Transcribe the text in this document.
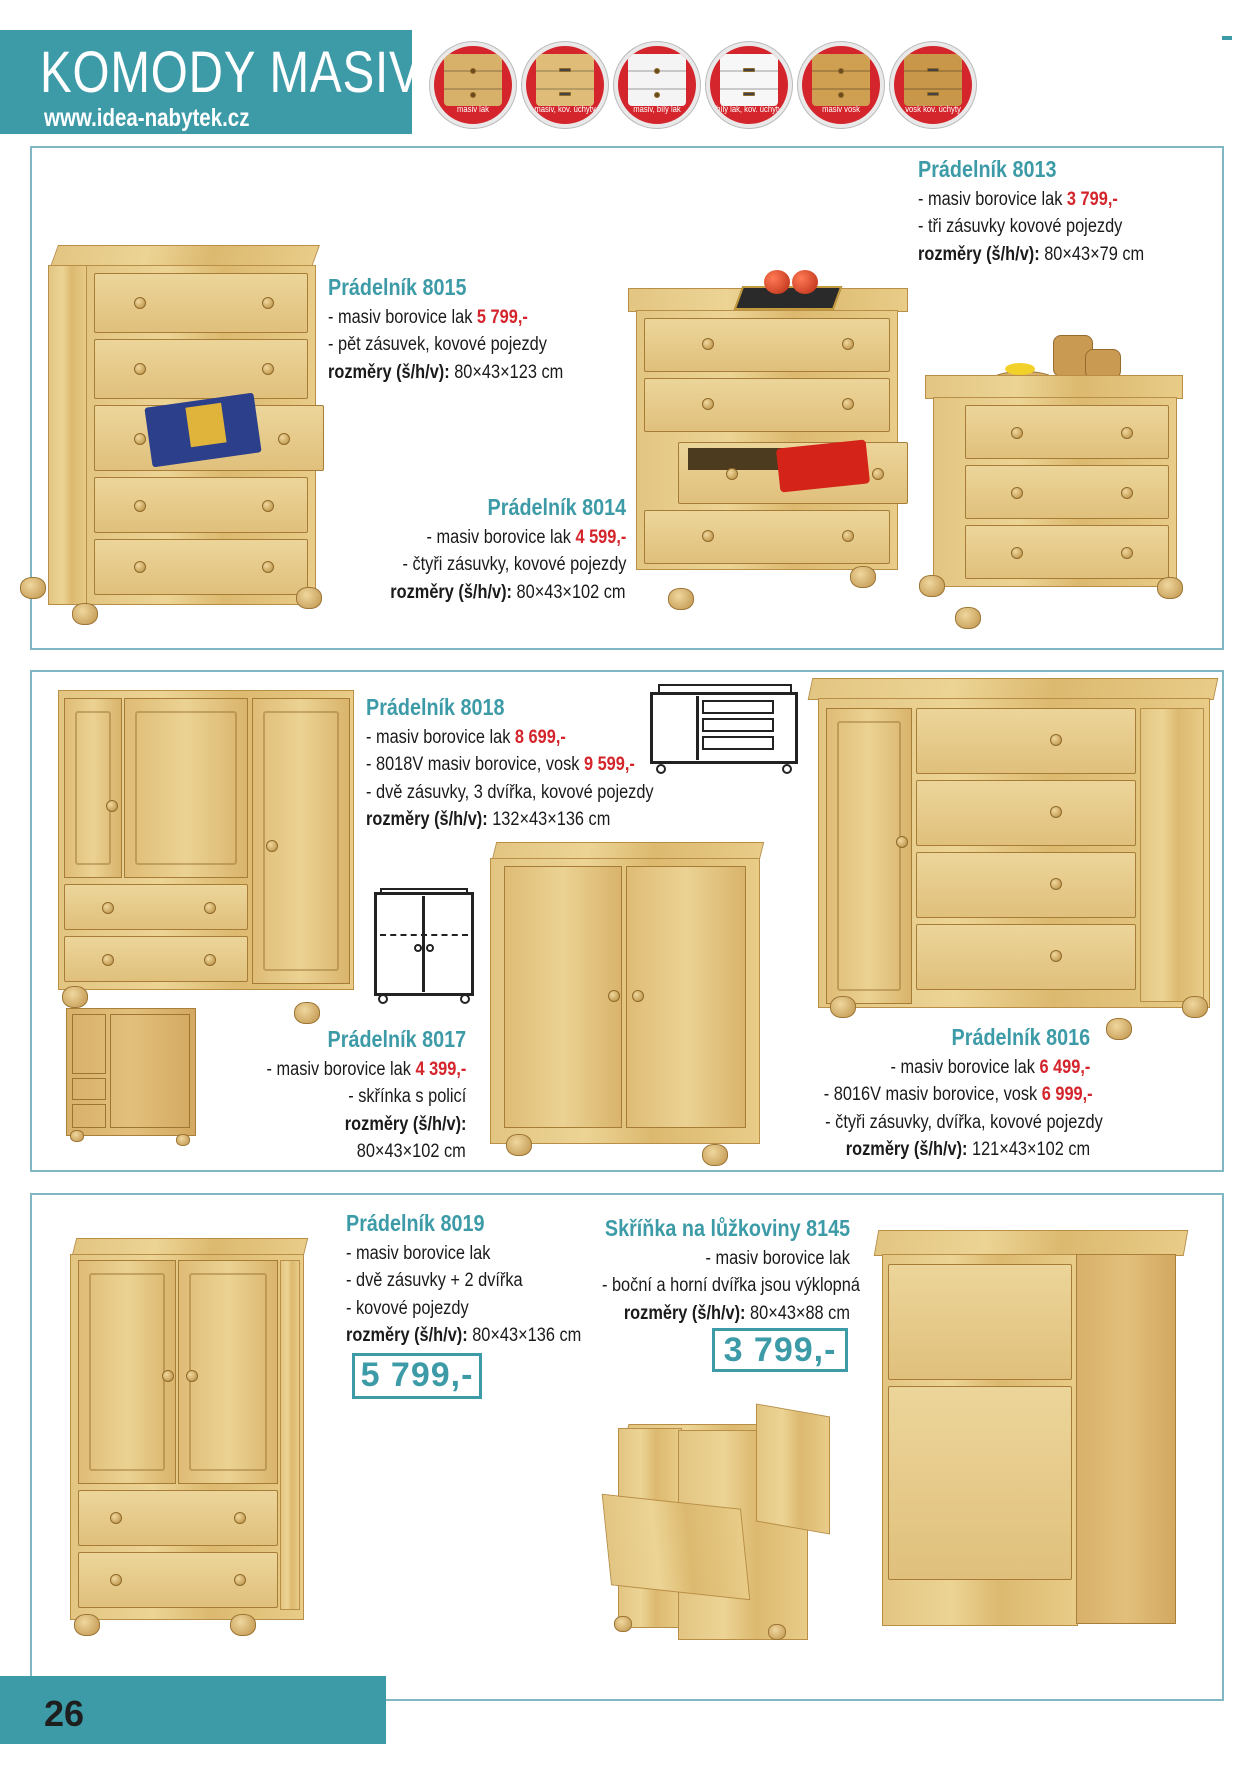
KOMODY MASIV
www.idea-nabytek.cz	masiv lak	masiv, kov. úchyty	masiv, bílý lak	bílý lak, kov. úchyty	masiv vosk	vosk kov. úchyty
Prádelník 8015
- masiv borovice lak 5 799,-
- pět zásuvek, kovové pojezdy
rozměry (š/h/v): 80×43×123 cm
Prádelník 8014
- masiv borovice lak 4 599,-
- čtyři zásuvky, kovové pojezdy
rozměry (š/h/v): 80×43×102 cm
Prádelník 8013
- masiv borovice lak 3 799,-
- tři zásuvky kovové pojezdy
rozměry (š/h/v): 80×43×79 cm
Prádelník 8018
- masiv borovice lak 8 699,-
- 8018V masiv borovice, vosk 9 599,-
- dvě zásuvky, 3 dvířka, kovové pojezdy
rozměry (š/h/v): 132×43×136 cm
Prádelník 8017
- masiv borovice lak 4 399,-
- skřínka s policí
rozměry (š/h/v):
80×43×102 cm
Prádelník 8016
- masiv borovice lak 6 499,-
- 8016V masiv borovice, vosk 6 999,-
- čtyři zásuvky, dvířka, kovové pojezdy
rozměry (š/h/v): 121×43×102 cm
Prádelník 8019
- masiv borovice lak
- dvě zásuvky + 2 dvířka
- kovové pojezdy
rozměry (š/h/v): 80×43×136 cm
5 799,-
Skříňka na lůžkoviny 8145
- masiv borovice lak
- boční a horní dvířka jsou výklopná
rozměry (š/h/v): 80×43×88 cm
3 799,-
26
